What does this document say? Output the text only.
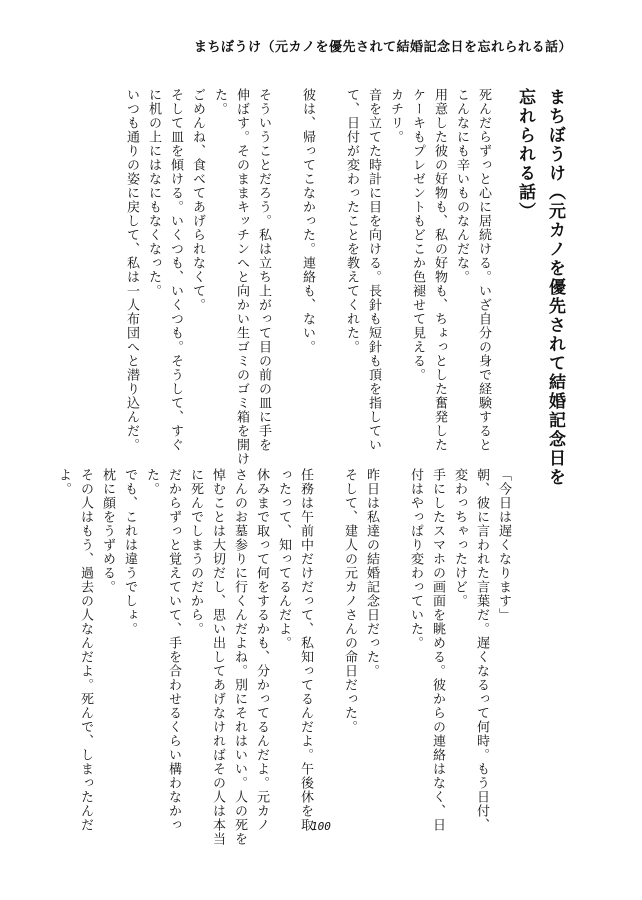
まちぼうけ（元カノを優先されて結婚記念日を忘れられる話）
まちぼうけ（元カノを優先されて結婚記念日を
忘れられる話）
死んだらずっと心に居続ける。いざ自分の身で経験すると
こんなにも辛いものなんだな。
用意した彼の好物も、私の好物も、ちょっとした奮発した
ケーキもプレゼントもどこか色褪せて見える。
カチリ。
音を立てた時計に目を向ける。長針も短針も頂を指してい
て、日付が変わったことを教えてくれた。
彼は、帰ってこなかった。連絡も、ない。
そういうことだろう。私は立ち上がって目の前の皿に手を
伸ばす。そのままキッチンへと向かい生ゴミのゴミ箱を開け
た。
ごめんね、食べてあげられなくて。
そして皿を傾ける。いくつも、いくつも。そうして、すぐ
に机の上にはなにもなくなった。
いつも通りの姿に戻して、私は一人布団へと潜り込んだ。
「今日は遅くなります」
朝、彼に言われた言葉だ。遅くなるって何時。もう日付、
変わっちゃったけど。
手にしたスマホの画面を眺める。彼からの連絡はなく、日
付はやっぱり変わっていた。
昨日は私達の結婚記念日だった。
そして、建人の元カノさんの命日だった。
任務は午前中だけだって、私知ってるんだよ。午後休を取
ったって、知ってるんだよ。
休みまで取って何をするかも、分かってるんだよ。元カノ
さんのお墓参りに行くんだよね。別にそれはいい。人の死を
悼むことは大切だし、思い出してあげなければその人は本当
に死んでしまうのだから。
だからずっと覚えていて、手を合わせるくらい構わなかっ
た。
でも、これは違うでしょ。
枕に顔をうずめる。
その人はもう、過去の人なんだよ。死んで、しまったんだ
よ。
100
